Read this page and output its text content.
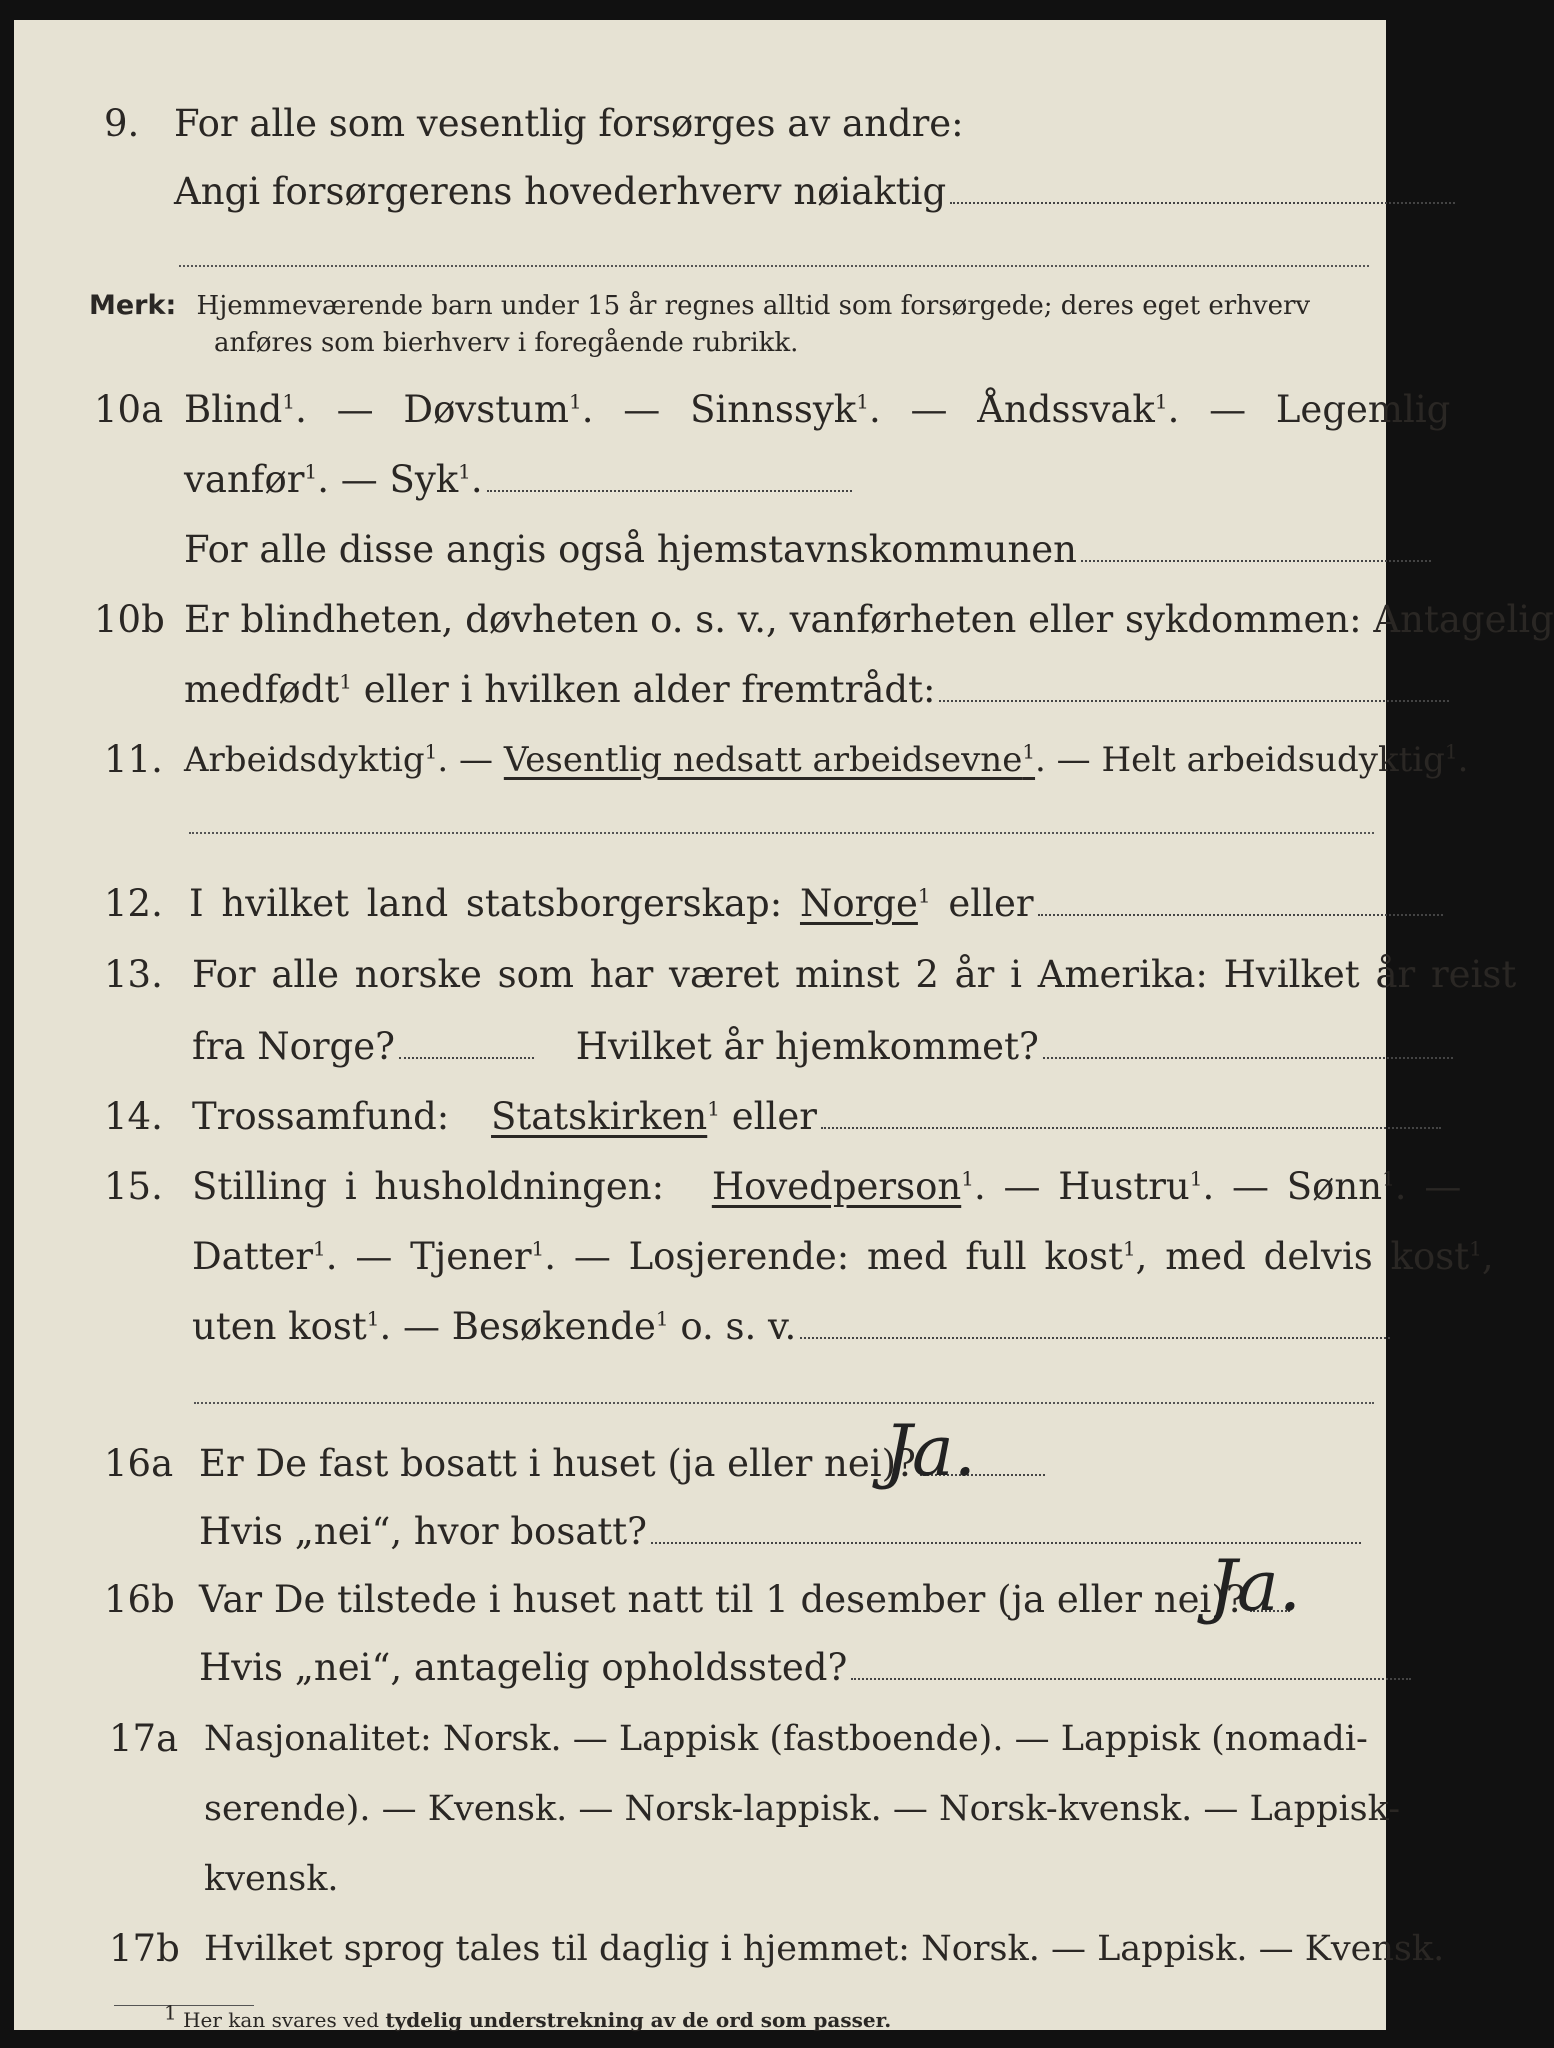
9. For alle som vesentlig forsørges av andre:
Angi forsørgerens hovederhverv nøiaktig
Merk: Hjemmeværende barn under 15 år regnes alltid som forsørgede; deres eget erhverv
anføres som bierhverv i foregående rubrikk.
10a Blind$^1$. — Døvstum$^1$. — Sinnssyk$^1$. — Åndssvak$^1$. — Legemlig
vanfør$^1$. — Syk$^1$.
For alle disse angis også hjemstavnskommunen
10b Er blindheten, døvheten o. s. v., vanførheten eller sykdommen: Antagelig
medfødt$^1$ eller i hvilken alder fremtrådt:
11. Arbeidsdyktig$^1$. — Vesentlig nedsatt arbeidsevne$^1$. — Helt arbeidsudyktig$^1$.
12. I hvilket land statsborgerskap: Norge$^1$ eller
13. For alle norske som har været minst 2 år i Amerika: Hvilket år reist
fra Norge?	Hvilket år hjemkommet?
14. Trossamfund: Statskirken$^1$ eller
15. Stilling i husholdningen: Hovedperson$^1$. — Hustru$^1$. — Sønn$^1$. —
Datter$^1$. — Tjener$^1$. — Losjerende: med full kost$^1$, med delvis kost$^1$,
uten kost$^1$. — Besøkende$^1$ o. s. v.
16a Er De fast bosatt i huset (ja eller nei)?
Ja.
Hvis „nei“, hvor bosatt?
16b Var De tilstede i huset natt til 1 desember (ja eller nei)?
Ja.
Hvis „nei“, antagelig opholdssted?
17a Nasjonalitet: Norsk. — Lappisk (fastboende). — Lappisk (nomadi-
serende). — Kvensk. — Norsk-lappisk. — Norsk-kvensk. — Lappisk-
kvensk.
17b Hvilket sprog tales til daglig i hjemmet: Norsk. — Lappisk. — Kvensk.
$^1$ Her kan svares ved tydelig understrekning av de ord som passer.
